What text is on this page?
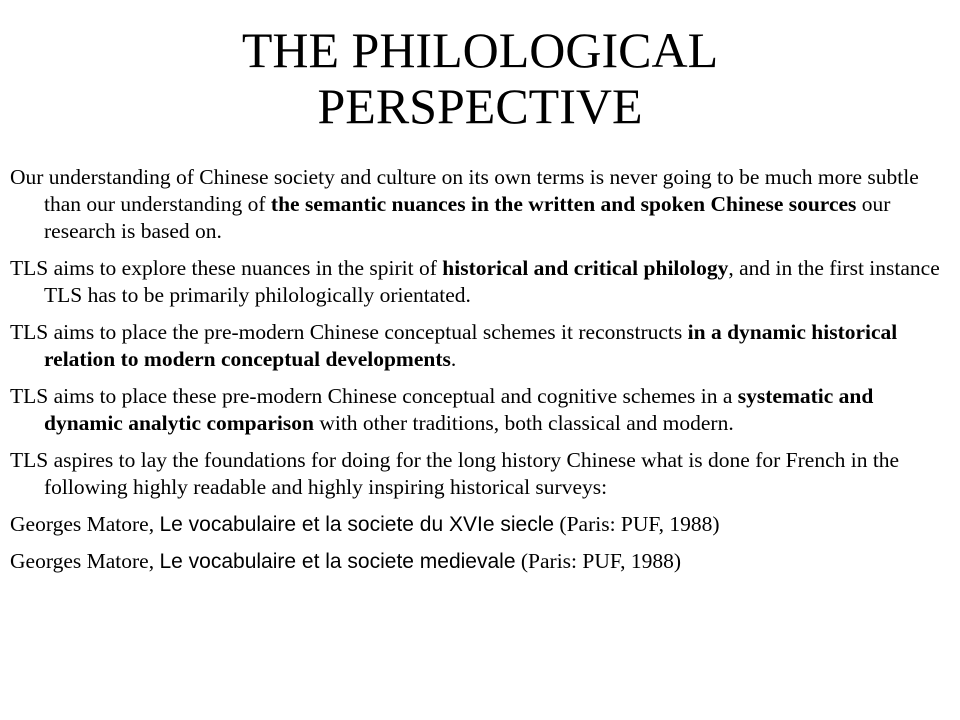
THE PHILOLOGICAL
PERSPECTIVE

Our understanding of Chinese society and culture on its own terms is never going to be much more subtle than our understanding of the semantic nuances in the written and spoken Chinese sources our research is based on.

TLS aims to explore these nuances in the spirit of historical and critical philology, and in the first instance TLS has to be primarily philologically orientated.

TLS aims to place the pre-modern Chinese conceptual schemes it reconstructs in a dynamic historical relation to modern conceptual developments.

TLS aims to place these pre-modern Chinese conceptual and cognitive schemes in a systematic and dynamic analytic comparison with other traditions, both classical and modern.

TLS aspires to lay the foundations for doing for the long history Chinese what is done for French in the following highly readable and highly inspiring historical surveys:

Georges Matore, Le vocabulaire et la societe du XVIe siecle (Paris: PUF, 1988)

Georges Matore, Le vocabulaire et la societe medievale (Paris: PUF, 1988)
